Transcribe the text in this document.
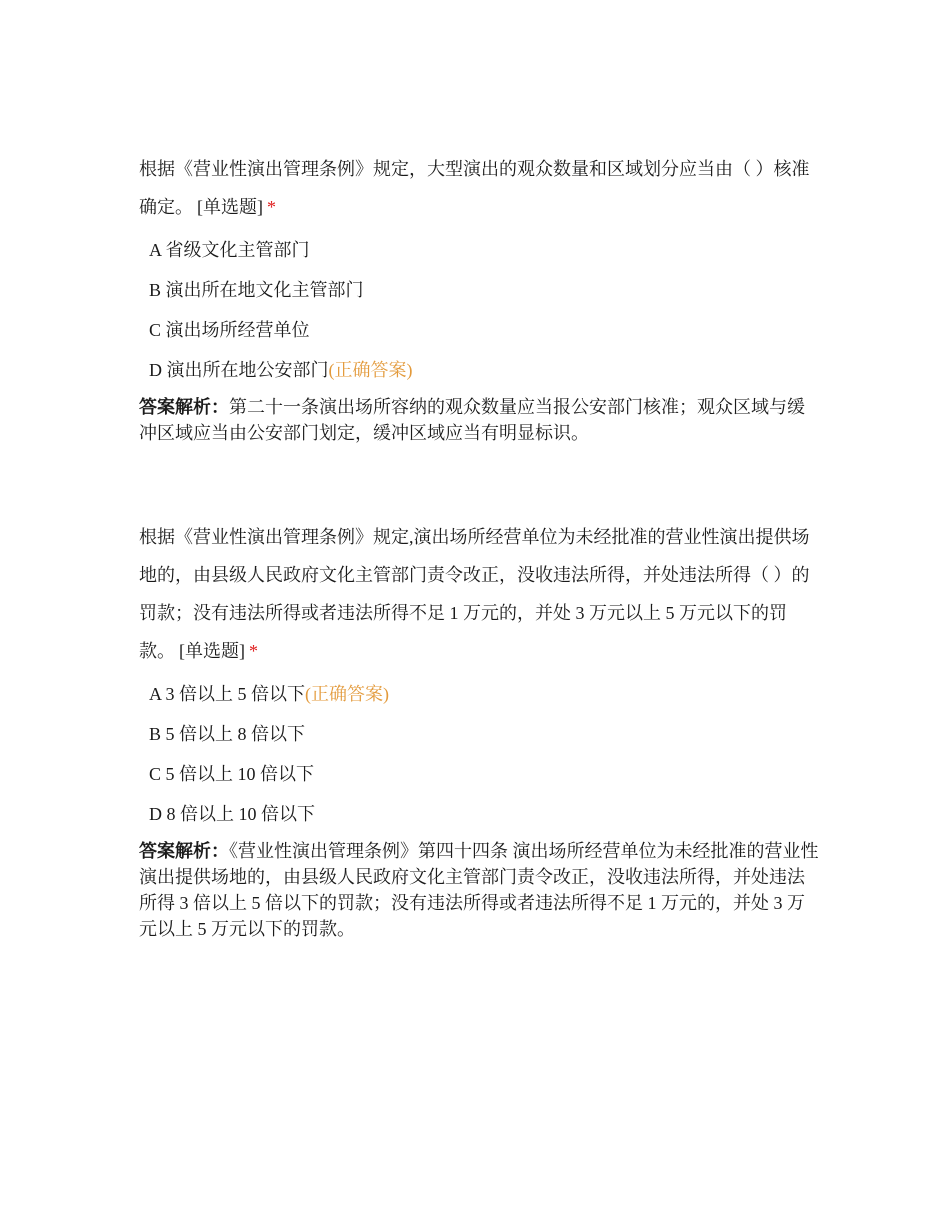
根据《营业性演出管理条例》规定，大型演出的观众数量和区域划分应当由（ ）核准确定。 [单选题] *

A 省级文化主管部门
B 演出所在地文化主管部门
C 演出场所经营单位
D 演出所在地公安部门(正确答案)

答案解析：第二十一条演出场所容纳的观众数量应当报公安部门核准；观众区域与缓冲区域应当由公安部门划定，缓冲区域应当有明显标识。

根据《营业性演出管理条例》规定,演出场所经营单位为未经批准的营业性演出提供场地的，由县级人民政府文化主管部门责令改正，没收违法所得，并处违法所得（ ）的罚款；没有违法所得或者违法所得不足 1 万元的，并处 3 万元以上 5 万元以下的罚款。 [单选题] *

A 3 倍以上 5 倍以下(正确答案)
B 5 倍以上 8 倍以下
C 5 倍以上 10 倍以下
D 8 倍以上 10 倍以下

答案解析：《营业性演出管理条例》第四十四条 演出场所经营单位为未经批准的营业性演出提供场地的，由县级人民政府文化主管部门责令改正，没收违法所得，并处违法所得 3 倍以上 5 倍以下的罚款；没有违法所得或者违法所得不足 1 万元的，并处 3 万元以上 5 万元以下的罚款。
